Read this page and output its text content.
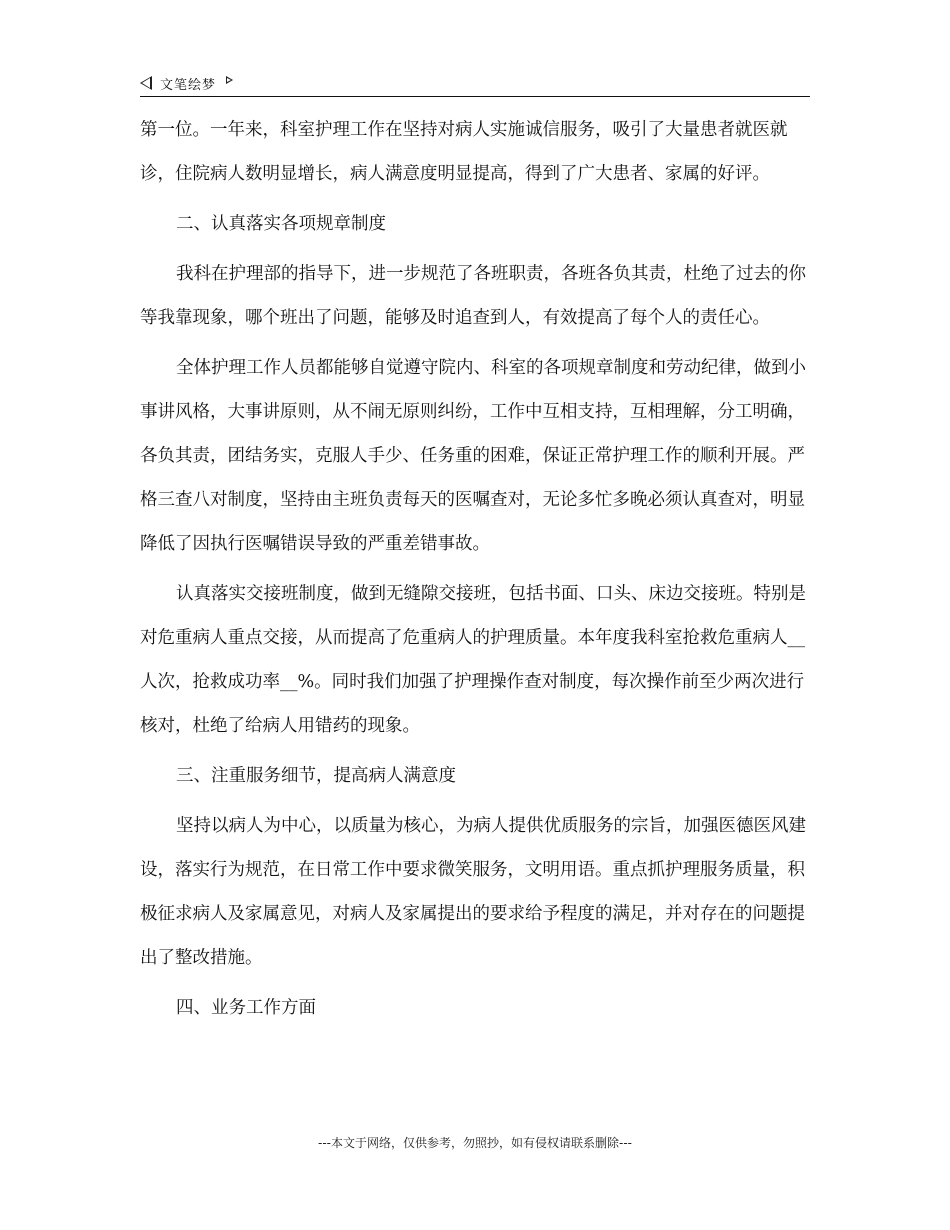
文笔绘梦

第一位。一年来，科室护理工作在坚持对病人实施诚信服务，吸引了大量患者就医就诊，住院病人数明显增长，病人满意度明显提高，得到了广大患者、家属的好评。

二、认真落实各项规章制度

我科在护理部的指导下，进一步规范了各班职责，各班各负其责，杜绝了过去的你等我靠现象，哪个班出了问题，能够及时追查到人，有效提高了每个人的责任心。

全体护理工作人员都能够自觉遵守院内、科室的各项规章制度和劳动纪律，做到小事讲风格，大事讲原则，从不闹无原则纠纷，工作中互相支持，互相理解，分工明确，各负其责，团结务实，克服人手少、任务重的困难，保证正常护理工作的顺利开展。严格三查八对制度，坚持由主班负责每天的医嘱查对，无论多忙多晚必须认真查对，明显降低了因执行医嘱错误导致的严重差错事故。

认真落实交接班制度，做到无缝隙交接班，包括书面、口头、床边交接班。特别是对危重病人重点交接，从而提高了危重病人的护理质量。本年度我科室抢救危重病人__人次，抢救成功率__%。同时我们加强了护理操作查对制度，每次操作前至少两次进行核对，杜绝了给病人用错药的现象。

三、注重服务细节，提高病人满意度

坚持以病人为中心，以质量为核心，为病人提供优质服务的宗旨，加强医德医风建设，落实行为规范，在日常工作中要求微笑服务，文明用语。重点抓护理服务质量，积极征求病人及家属意见，对病人及家属提出的要求给予程度的满足，并对存在的问题提出了整改措施。

四、业务工作方面

---本文于网络，仅供参考，勿照抄，如有侵权请联系删除---
